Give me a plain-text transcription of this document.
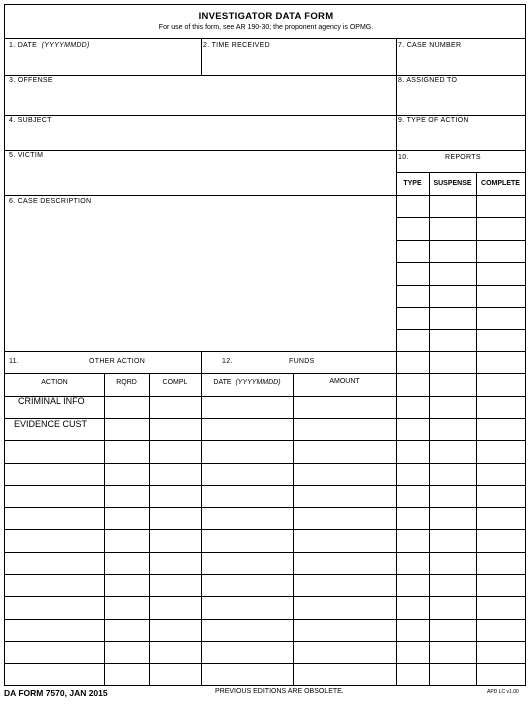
INVESTIGATOR DATA FORM
For use of this form, see AR 190-30; the proponent agency is OPMG.
1. DATE (YYYYMMDD)	2. TIME RECEIVED	7. CASE NUMBER
3. OFFENSE	8. ASSIGNED TO
4. SUBJECT	9. TYPE OF ACTION
5. VICTIM	10.	REPORTS
6. CASE DESCRIPTION
TYPE	SUSPENSE	COMPLETE
11.	OTHER ACTION	12.	FUNDS
ACTION	RQRD	COMPL	DATE (YYYYMMDD)	AMOUNT
CRIMINAL INFO
EVIDENCE CUST
DA FORM 7570, JAN 2015	PREVIOUS EDITIONS ARE OBSOLETE.	APD LC v1.00
